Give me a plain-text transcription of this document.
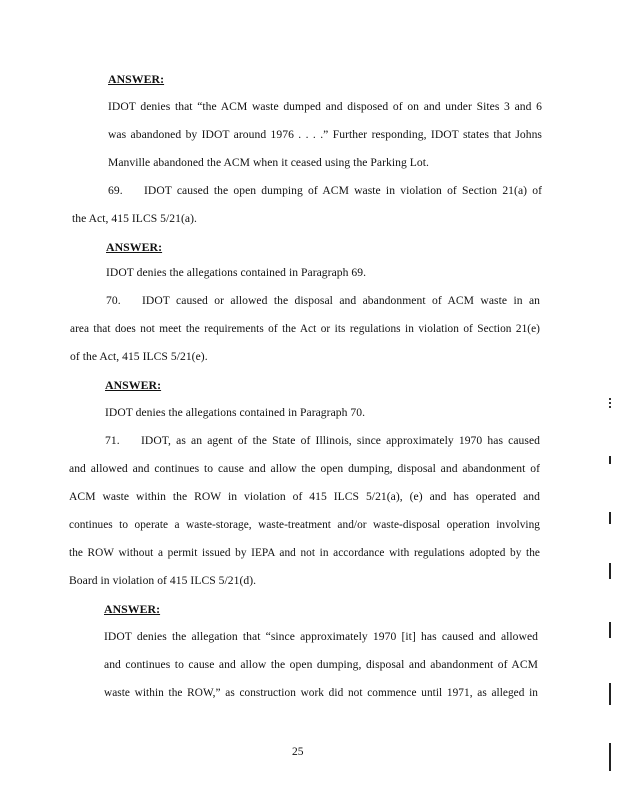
ANSWER:
IDOT denies that “the ACM waste dumped and disposed of on and under Sites 3 and 6
was abandoned by IDOT around 1976 . . . .” Further responding, IDOT states that Johns
Manville abandoned the ACM when it ceased using the Parking Lot.
69. IDOT caused the open dumping of ACM waste in violation of Section 21(a) of
the Act, 415 ILCS 5/21(a).
ANSWER:
IDOT denies the allegations contained in Paragraph 69.
70. IDOT caused or allowed the disposal and abandonment of ACM waste in an
area that does not meet the requirements of the Act or its regulations in violation of Section 21(e)
of the Act, 415 ILCS 5/21(e).
ANSWER:
IDOT denies the allegations contained in Paragraph 70.
71. IDOT, as an agent of the State of Illinois, since approximately 1970 has caused
and allowed and continues to cause and allow the open dumping, disposal and abandonment of
ACM waste within the ROW in violation of 415 ILCS 5/21(a), (e) and has operated and
continues to operate a waste-storage, waste-treatment and/or waste-disposal operation involving
the ROW without a permit issued by IEPA and not in accordance with regulations adopted by the
Board in violation of 415 ILCS 5/21(d).
ANSWER:
IDOT denies the allegation that “since approximately 1970 [it] has caused and allowed
and continues to cause and allow the open dumping, disposal and abandonment of ACM
waste within the ROW,” as construction work did not commence until 1971, as alleged in
25
